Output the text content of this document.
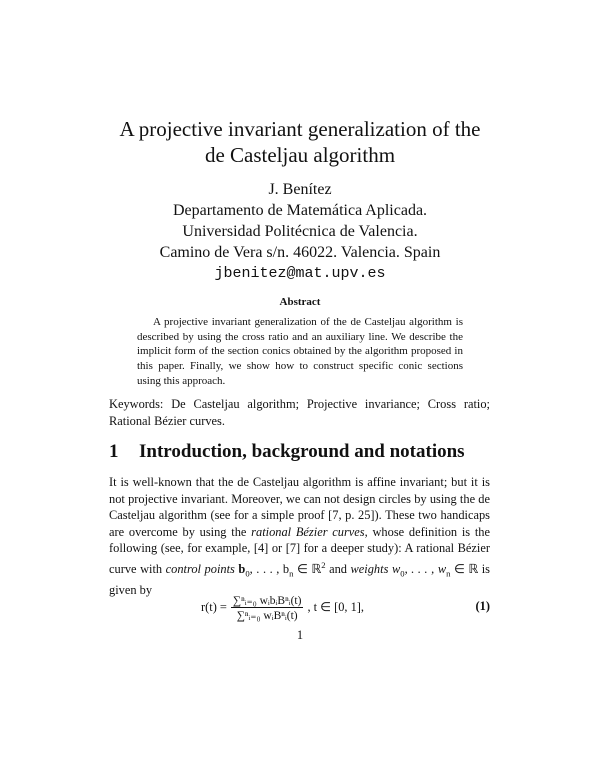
A projective invariant generalization of the
de Casteljau algorithm
J. Benítez
Departamento de Matemática Aplicada.
Universidad Politécnica de Valencia.
Camino de Vera s/n. 46022. Valencia. Spain
jbenitez@mat.upv.es
Abstract
A projective invariant generalization of the de Casteljau algorithm is described by using the cross ratio and an auxiliary line. We describe the implicit form of the section conics obtained by the algorithm proposed in this paper. Finally, we show how to construct specific conic sections using this approach.
Keywords: De Casteljau algorithm; Projective invariance; Cross ratio; Rational Bézier curves.
1 Introduction, background and notations
It is well-known that the de Casteljau algorithm is affine invariant; but it is not projective invariant. Moreover, we can not design circles by using the de Casteljau algorithm (see for a simple proof [7, p. 25]). These two handicaps are overcome by using the rational Bézier curves, whose definition is the following (see, for example, [4] or [7] for a deeper study): A rational Bézier curve with control points $b_0$, . . . , $b_n$ ∈ ℝ$^2$ and weights $w_0$, . . . , $w_n$ ∈ ℝ is given by
$r(t) = \frac{\text{∑ⁿᵢ₌₀ wᵢbᵢBⁿᵢ(t)}}{\text{∑ⁿᵢ₌₀ wᵢBⁿᵢ(t)}}$ , t ∈ [0, 1],	(1)
1
